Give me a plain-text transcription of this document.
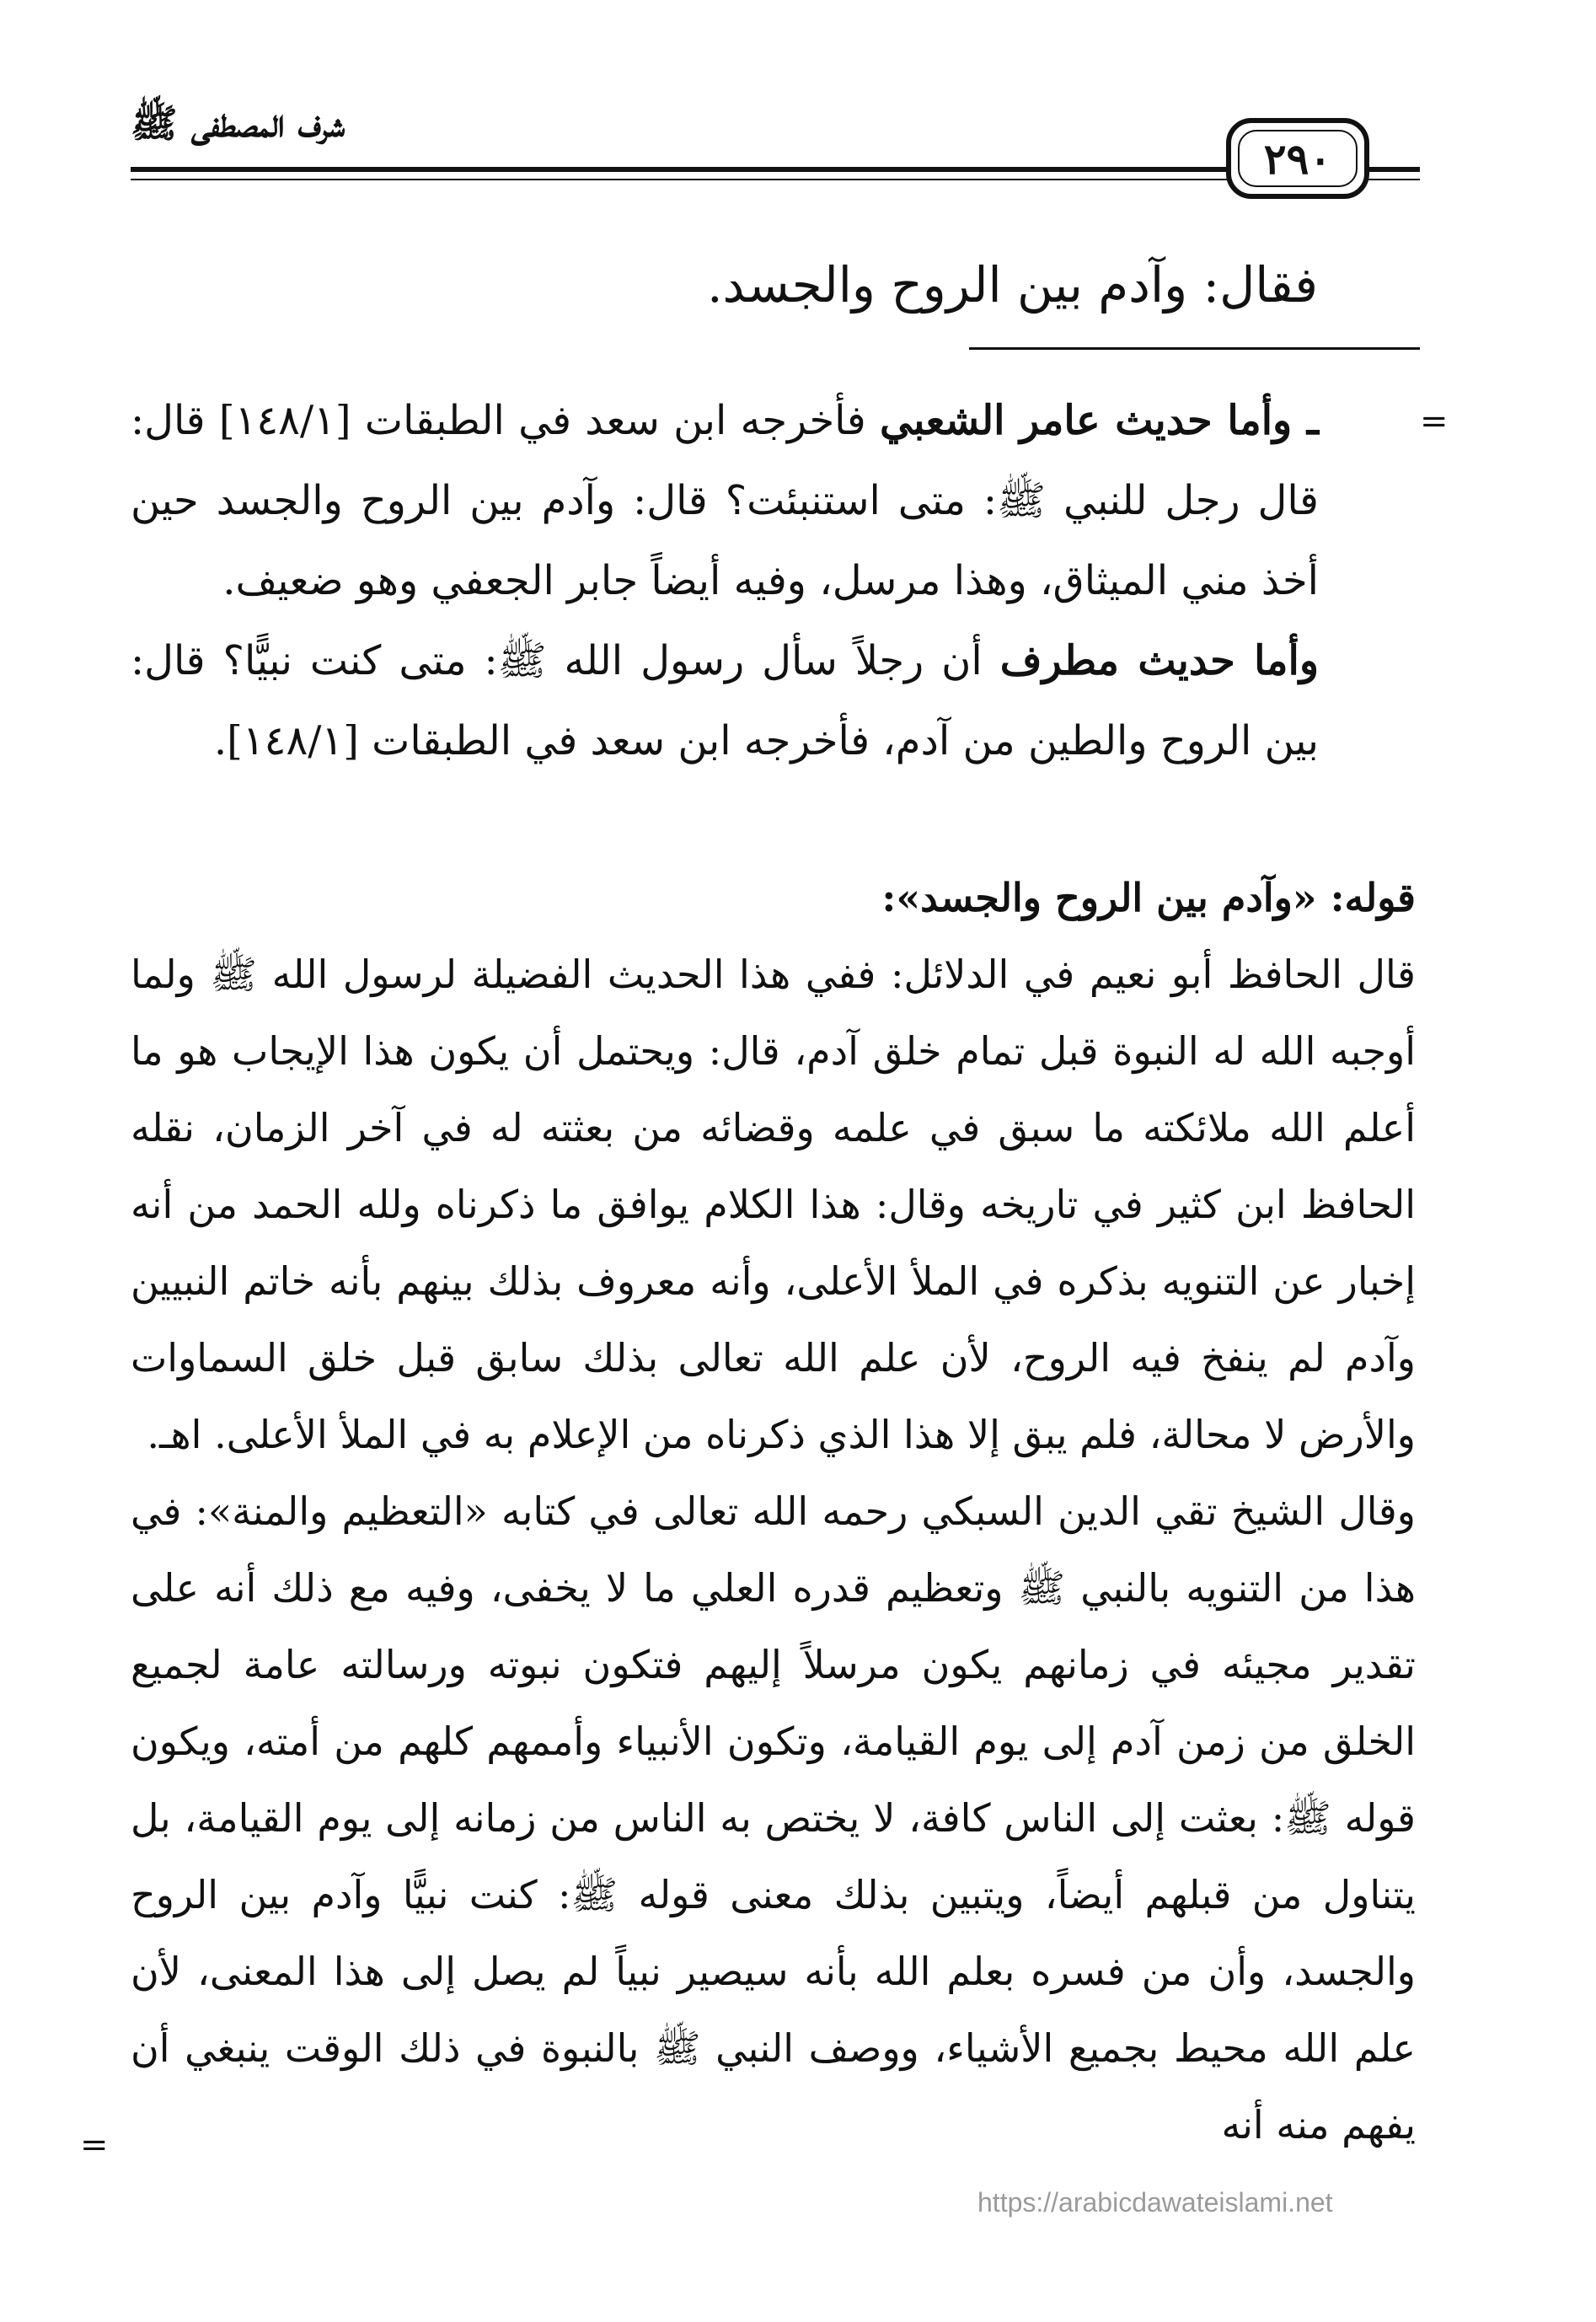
شرف المصطفى ﷺ
٢٩٠
فقال: وآدم بين الروح والجسد.
=

ـ وأما حديث عامر الشعبي فأخرجه ابن سعد في الطبقات [١٤٨/١] قال: قال رجل للنبي ﷺ: متى استنبئت؟ قال: وآدم بين الروح والجسد حين أخذ مني الميثاق، وهذا مرسل، وفيه أيضاً جابر الجعفي وهو ضعيف.

وأما حديث مطرف أن رجلاً سأل رسول الله ﷺ: متى كنت نبيًّا؟ قال: بين الروح والطين من آدم، فأخرجه ابن سعد في الطبقات [١٤٨/١].

قوله: «وآدم بين الروح والجسد»:

قال الحافظ أبو نعيم في الدلائل: ففي هذا الحديث الفضيلة لرسول الله ﷺ ولما أوجبه الله له النبوة قبل تمام خلق آدم، قال: ويحتمل أن يكون هذا الإيجاب هو ما أعلم الله ملائكته ما سبق في علمه وقضائه من بعثته له في آخر الزمان، نقله الحافظ ابن كثير في تاريخه وقال: هذا الكلام يوافق ما ذكرناه ولله الحمد من أنه إخبار عن التنويه بذكره في الملأ الأعلى، وأنه معروف بذلك بينهم بأنه خاتم النبيين وآدم لم ينفخ فيه الروح، لأن علم الله تعالى بذلك سابق قبل خلق السماوات والأرض لا محالة، فلم يبق إلا هذا الذي ذكرناه من الإعلام به في الملأ الأعلى. اهـ.

وقال الشيخ تقي الدين السبكي رحمه الله تعالى في كتابه «التعظيم والمنة»: في هذا من التنويه بالنبي ﷺ وتعظيم قدره العلي ما لا يخفى، وفيه مع ذلك أنه على تقدير مجيئه في زمانهم يكون مرسلاً إليهم فتكون نبوته ورسالته عامة لجميع الخلق من زمن آدم إلى يوم القيامة، وتكون الأنبياء وأممهم كلهم من أمته، ويكون قوله ﷺ: بعثت إلى الناس كافة، لا يختص به الناس من زمانه إلى يوم القيامة، بل يتناول من قبلهم أيضاً، ويتبين بذلك معنى قوله ﷺ: كنت نبيًّا وآدم بين الروح والجسد، وأن من فسره بعلم الله بأنه سيصير نبياً لم يصل إلى هذا المعنى، لأن علم الله محيط بجميع الأشياء، ووصف النبي ﷺ بالنبوة في ذلك الوقت ينبغي أن يفهم منه أنه

=
https://arabicdawateislami.net
